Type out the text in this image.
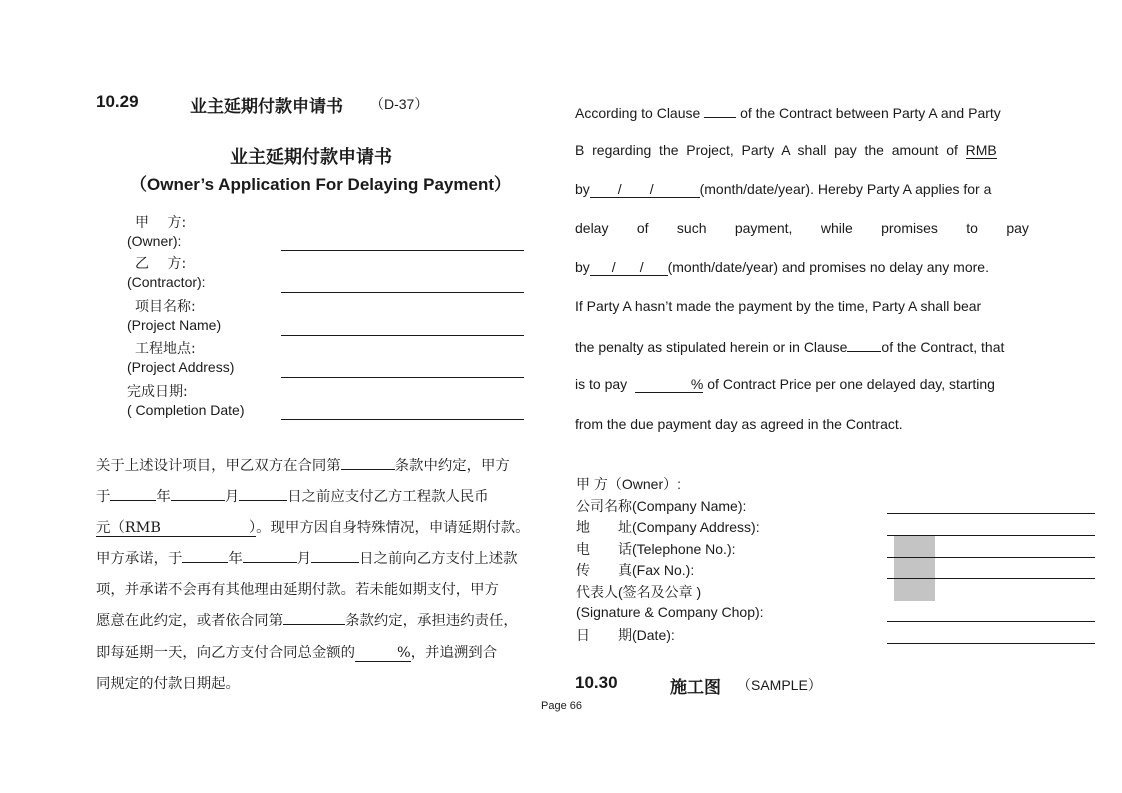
10.29	业主延期付款申请书 （D-37）
业主延期付款申请书
（Owner’s Application For Delaying Payment）
甲　 方:
(Owner):
乙　 方:
(Contractor):
项目名称:
(Project Name)
工程地点:
(Project Address)
完成日期:
( Completion Date)
关于上述设计项目，甲乙双方在合同第	条款中约定，甲方
于	年	月	日之前应支付乙方工程款人民币
元（RMB	）。现甲方因自身特殊情况，申请延期付款。
甲方承诺，于	年	月	日之前向乙方支付上述款
项，并承诺不会再有其他理由延期付款。若未能如期支付，甲方
愿意在此约定，或者依合同第	条款约定，承担违约责任，
即每延期一天，向乙方支付合同总金额的	%，并追溯到合
同规定的付款日期起。
According to Clause	of the Contract between Party A and Party
B  regarding  the  Project,  Party  A  shall  pay  the  amount  of RMB
by / /	(month/date/year). Hereby Party A applies for a
delay of such payment, while promises to pay
by / / (month/date/year) and promises no delay any more.
If Party A hasn’t made the payment by the time, Party A shall bear
the penalty as stipulated herein or in Clause of the Contract, that
is to pay	% of Contract Price per one delayed day, starting
from the due payment day as agreed in the Contract.
甲 方（Owner）:
公司名称(Company Name):
地　　址(Company Address):
电　　话(Telephone No.):
传　　真(Fax No.):
代表人(签名及公章 )
(Signature & Company Chop):
日　　期(Date):
10.30	施工图 （SAMPLE）
Page 66
